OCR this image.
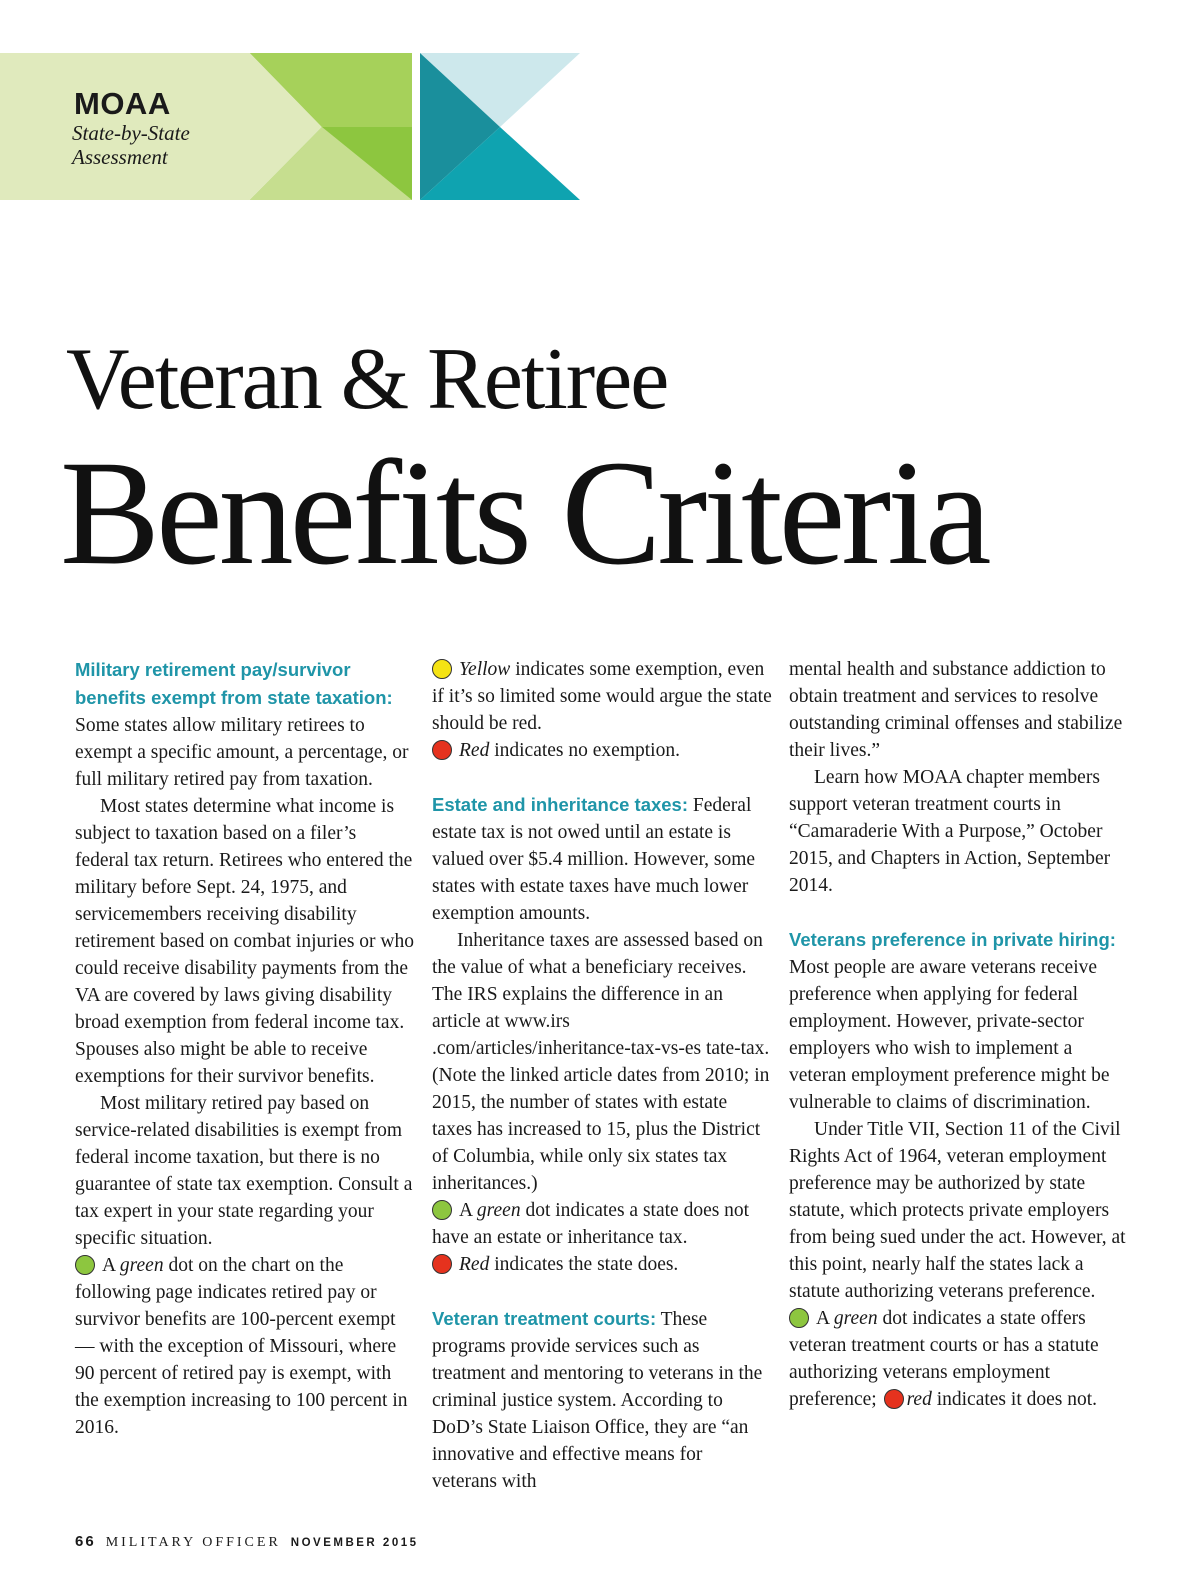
MOAA
State-by-State
Assessment
Veteran & Retiree
Benefits Criteria

Military retirement pay/survivor benefits exempt from state taxation: Some states allow military retirees to exempt a specific amount, a percentage, or full military retired pay from taxation.

Most states determine what income is subject to taxation based on a filer’s federal tax return. Retirees who entered the military before Sept. 24, 1975, and servicemembers receiving disability retirement based on combat injuries or who could receive disability payments from the VA are covered by laws giving disability broad exemption from federal income tax. Spouses also might be able to receive exemptions for their survivor benefits.

Most military retired pay based on service-related disabilities is exempt from federal income taxation, but there is no guarantee of state tax exemption. Consult a tax expert in your state regarding your specific situation.

A green dot on the chart on the following page indicates retired pay or survivor benefits are 100-percent exempt — with the exception of Missouri, where 90 percent of retired pay is exempt, with the exemption increasing to 100 percent in 2016.

Yellow indicates some exemption, even if it’s so limited some would argue the state should be red.

Red indicates no exemption.

Estate and inheritance taxes: Federal estate tax is not owed until an estate is valued over $5.4 million. However, some states with estate taxes have much lower exemption amounts.

Inheritance taxes are assessed based on the value of what a beneficiary receives. The IRS explains the difference in an article at www.irs .com/articles/inheritance-tax-vs-es tate-tax. (Note the linked article dates from 2010; in 2015, the number of states with estate taxes has increased to 15, plus the District of Columbia, while only six states tax inheritances.)

A green dot indicates a state does not have an estate or inheritance tax.

Red indicates the state does.

Veteran treatment courts: These programs provide services such as treatment and mentoring to veterans in the criminal justice system. According to DoD’s State Liaison Office, they are “an innovative and effective means for veterans with

mental health and substance addiction to obtain treatment and services to resolve outstanding criminal offenses and stabilize their lives.”

Learn how MOAA chapter members support veteran treatment courts in “Camaraderie With a Purpose,” October 2015, and Chapters in Action, September 2014.

Veterans preference in private hiring: Most people are aware veterans receive preference when applying for federal employment. However, private-sector employers who wish to implement a veteran employment preference might be vulnerable to claims of discrimination.

Under Title VII, Section 11 of the Civil Rights Act of 1964, veteran employment preference may be authorized by state statute, which protects private employers from being sued under the act. However, at this point, nearly half the states lack a statute authorizing veterans preference.

A green dot indicates a state offers veteran treatment courts or has a statute authorizing veterans employment preference; red indicates it does not.

66 MILITARY OFFICER NOVEMBER 2015
